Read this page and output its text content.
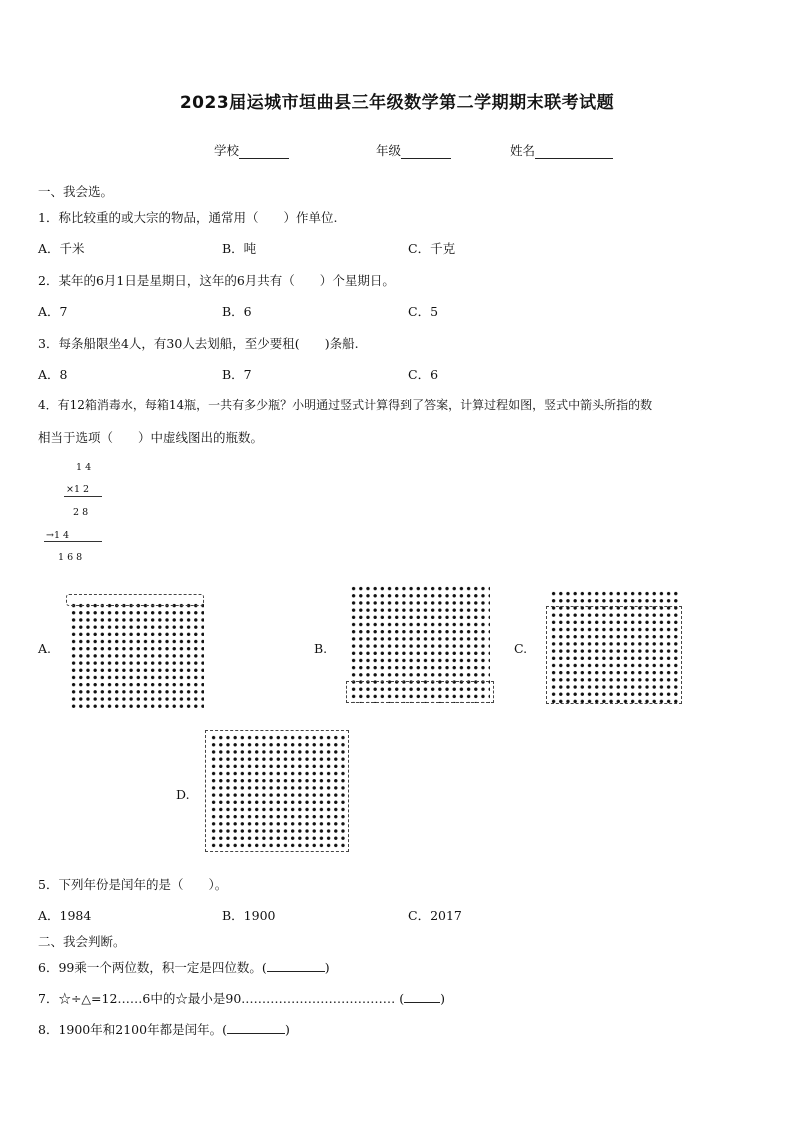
2023届运城市垣曲县三年级数学第二学期期末联考试题
学校	年级	姓名
一、我会选。
1．称比较重的或大宗的物品，通常用（　　）作单位.
A．千米	B．吨	C．千克
2．某年的6月1日是星期日，这年的6月共有（　　）个星期日。
A．7	B．6	C．5
3．每条船限坐4人，有30人去划船，至少要租(　　)条船.
A．8	B．7	C．6
4．有12箱消毒水，每箱14瓶，一共有多少瓶？小明通过竖式计算得到了答案，计算过程如图，竖式中箭头所指的数
相当于选项（　　）中虚线图出的瓶数。
1 4
×1 2
2 8
→1 4
1 6 8
A.	B.	C.
D.
5．下列年份是闰年的是（　　）。
A．1984	B．1900	C．2017
二、我会判断。
6．99乘一个两位数，积一定是四位数。(	)
7．☆÷△=12……6中的☆最小是90.……………………………… (	)
8．1900年和2100年都是闰年。(	)
